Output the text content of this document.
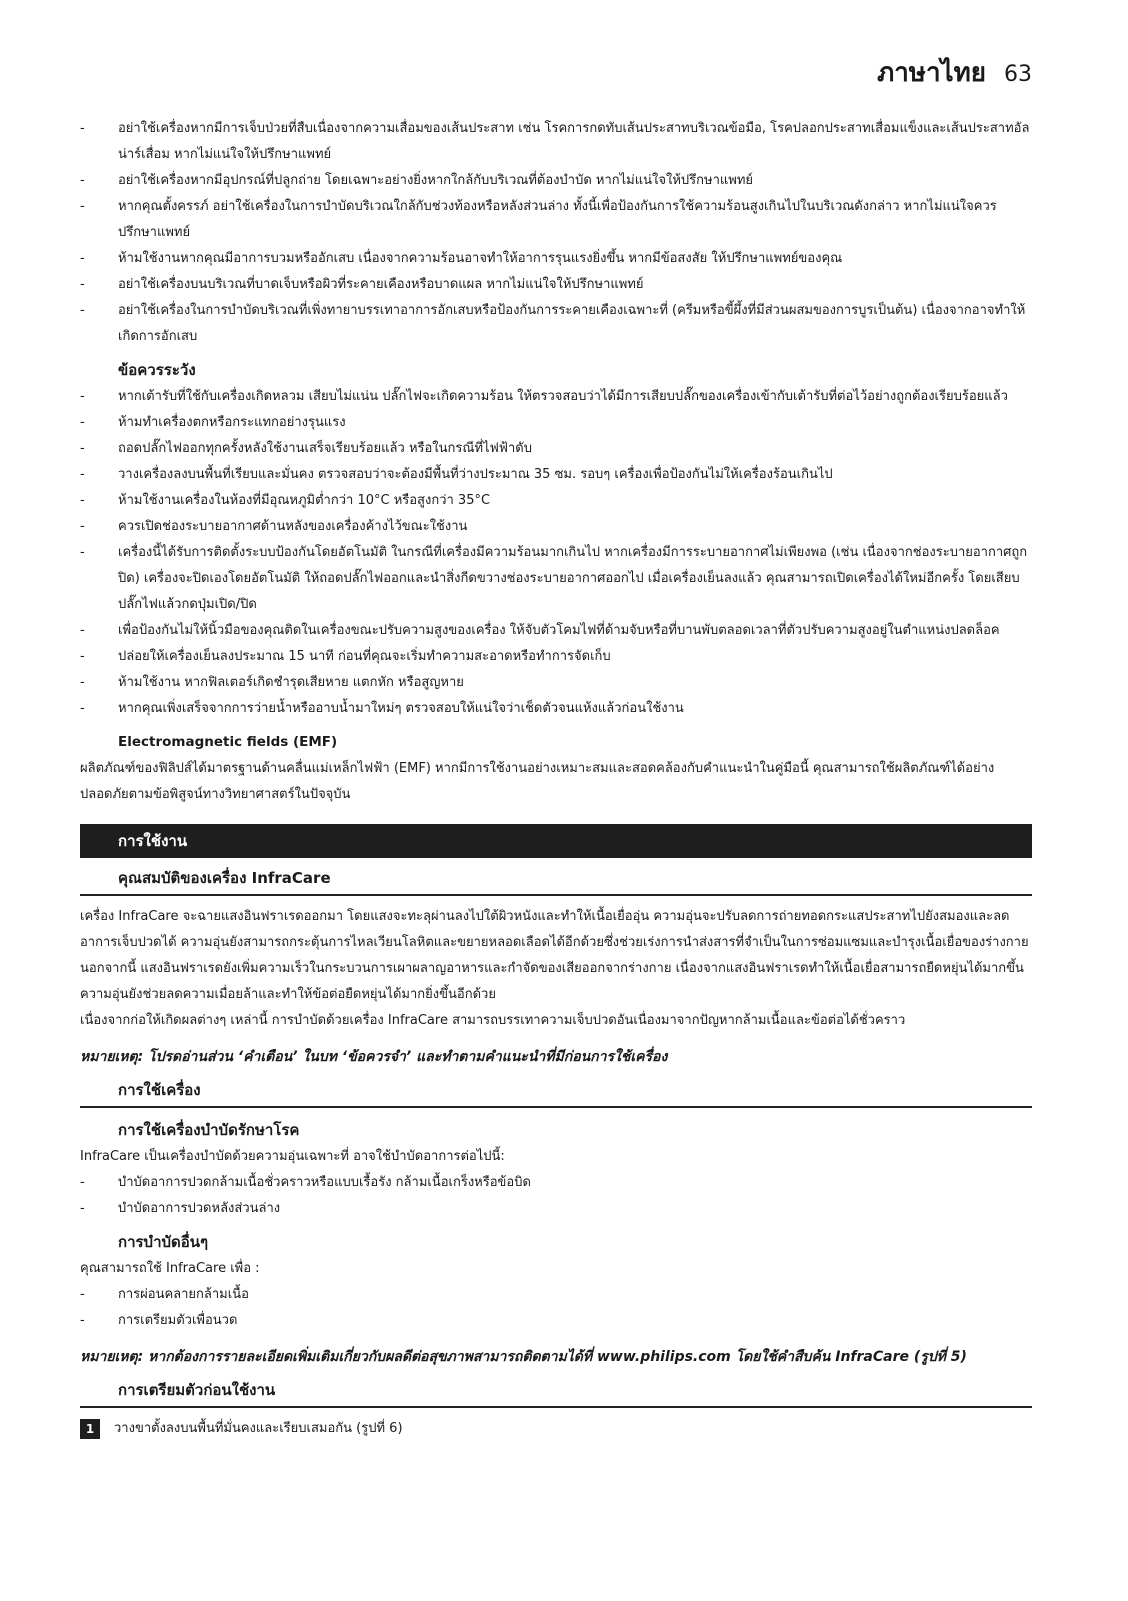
ภาษาไทย 63
- อย่าใช้เครื่องหากมีการเจ็บป่วยที่สืบเนื่องจากความเสื่อมของเส้นประสาท เช่น โรคการกดทับเส้นประสาทบริเวณข้อมือ, โรคปลอกประสาทเสื่อมแข็งและเส้นประสาทอัลน่าร์เสื่อม หากไม่แน่ใจให้ปรึกษาแพทย์
- อย่าใช้เครื่องหากมีอุปกรณ์ที่ปลูกถ่าย โดยเฉพาะอย่างยิ่งหากใกล้กับบริเวณที่ต้องบำบัด หากไม่แน่ใจให้ปรึกษาแพทย์
- หากคุณตั้งครรภ์ อย่าใช้เครื่องในการบำบัดบริเวณใกล้กับช่วงท้องหรือหลังส่วนล่าง ทั้งนี้เพื่อป้องกันการใช้ความร้อนสูงเกินไปในบริเวณดังกล่าว หากไม่แน่ใจควรปรึกษาแพทย์
- ห้ามใช้งานหากคุณมีอาการบวมหรืออักเสบ เนื่องจากความร้อนอาจทำให้อาการรุนแรงยิ่งขึ้น หากมีข้อสงสัย ให้ปรึกษาแพทย์ของคุณ
- อย่าใช้เครื่องบนบริเวณที่บาดเจ็บหรือผิวที่ระคายเคืองหรือบาดแผล หากไม่แน่ใจให้ปรึกษาแพทย์
- อย่าใช้เครื่องในการบำบัดบริเวณที่เพิ่งทายาบรรเทาอาการอักเสบหรือป้องกันการระคายเคืองเฉพาะที่ (ครีมหรือขี้ผึ้งที่มีส่วนผสมของการบูรเป็นต้น) เนื่องจากอาจทำให้เกิดการอักเสบ
ข้อควรระวัง
- หากเต้ารับที่ใช้กับเครื่องเกิดหลวม เสียบไม่แน่น ปลั๊กไฟจะเกิดความร้อน ให้ตรวจสอบว่าได้มีการเสียบปลั๊กของเครื่องเข้ากับเต้ารับที่ต่อไว้อย่างถูกต้องเรียบร้อยแล้ว
- ห้ามทำเครื่องตกหรือกระแทกอย่างรุนแรง
- ถอดปลั๊กไฟออกทุกครั้งหลังใช้งานเสร็จเรียบร้อยแล้ว หรือในกรณีที่ไฟฟ้าดับ
- วางเครื่องลงบนพื้นที่เรียบและมั่นคง ตรวจสอบว่าจะต้องมีพื้นที่ว่างประมาณ 35 ซม. รอบๆ เครื่องเพื่อป้องกันไม่ให้เครื่องร้อนเกินไป
- ห้ามใช้งานเครื่องในห้องที่มีอุณหภูมิต่ำกว่า 10°C หรือสูงกว่า 35°C
- ควรเปิดช่องระบายอากาศด้านหลังของเครื่องค้างไว้ขณะใช้งาน
- เครื่องนี้ได้รับการติดตั้งระบบป้องกันโดยอัตโนมัติ ในกรณีที่เครื่องมีความร้อนมากเกินไป หากเครื่องมีการระบายอากาศไม่เพียงพอ (เช่น เนื่องจากช่องระบายอากาศถูกปิด) เครื่องจะปิดเองโดยอัตโนมัติ ให้ถอดปลั๊กไฟออกและนำสิ่งกีดขวางช่องระบายอากาศออกไป เมื่อเครื่องเย็นลงแล้ว คุณสามารถเปิดเครื่องได้ใหม่อีกครั้ง โดยเสียบปลั๊กไฟแล้วกดปุ่มเปิด/ปิด
- เพื่อป้องกันไม่ให้นิ้วมือของคุณติดในเครื่องขณะปรับความสูงของเครื่อง ให้จับตัวโคมไฟที่ด้ามจับหรือที่บานพับตลอดเวลาที่ตัวปรับความสูงอยู่ในตำแหน่งปลดล็อค
- ปล่อยให้เครื่องเย็นลงประมาณ 15 นาที ก่อนที่คุณจะเริ่มทำความสะอาดหรือทำการจัดเก็บ
- ห้ามใช้งาน หากฟิลเตอร์เกิดชำรุดเสียหาย แตกหัก หรือสูญหาย
- หากคุณเพิ่งเสร็จจากการว่ายน้ำหรืออาบน้ำมาใหม่ๆ ตรวจสอบให้แน่ใจว่าเช็ดตัวจนแห้งแล้วก่อนใช้งาน
Electromagnetic fields (EMF)

ผลิตภัณฑ์ของฟิลิปส์ได้มาตรฐานด้านคลื่นแม่เหล็กไฟฟ้า (EMF) หากมีการใช้งานอย่างเหมาะสมและสอดคล้องกับคำแนะนำในคู่มือนี้ คุณสามารถใช้ผลิตภัณฑ์ได้อย่างปลอดภัยตามข้อพิสูจน์ทางวิทยาศาสตร์ในปัจจุบัน

การใช้งาน
คุณสมบัติของเครื่อง InfraCare

เครื่อง InfraCare จะฉายแสงอินฟราเรดออกมา โดยแสงจะทะลุผ่านลงไปใต้ผิวหนังและทำให้เนื้อเยื่ออุ่น ความอุ่นจะปรับลดการถ่ายทอดกระแสประสาทไปยังสมองและลดอาการเจ็บปวดได้ ความอุ่นยังสามารถกระตุ้นการไหลเวียนโลหิตและขยายหลอดเลือดได้อีกด้วยซึ่งช่วยเร่งการนำส่งสารที่จำเป็นในการซ่อมแซมและบำรุงเนื้อเยื่อของร่างกาย นอกจากนี้ แสงอินฟราเรดยังเพิ่มความเร็วในกระบวนการเผาผลาญอาหารและกำจัดของเสียออกจากร่างกาย เนื่องจากแสงอินฟราเรดทำให้เนื้อเยื่อสามารถยืดหยุ่นได้มากขึ้น ความอุ่นยังช่วยลดความเมื่อยล้าและทำให้ข้อต่อยืดหยุ่นได้มากยิ่งขึ้นอีกด้วย

เนื่องจากก่อให้เกิดผลต่างๆ เหล่านี้ การบำบัดด้วยเครื่อง InfraCare สามารถบรรเทาความเจ็บปวดอันเนื่องมาจากปัญหากล้ามเนื้อและข้อต่อได้ชั่วคราว

หมายเหตุ: โปรดอ่านส่วน ‘คำเตือน’ ในบท ‘ข้อควรจำ’ และทำตามคำแนะนำที่มีก่อนการใช้เครื่อง
การใช้เครื่อง
การใช้เครื่องบำบัดรักษาโรค

InfraCare เป็นเครื่องบำบัดด้วยความอุ่นเฉพาะที่ อาจใช้บำบัดอาการต่อไปนี้:

- บำบัดอาการปวดกล้ามเนื้อชั่วคราวหรือแบบเรื้อรัง กล้ามเนื้อเกร็งหรือข้อบิด
- บำบัดอาการปวดหลังส่วนล่าง
การบำบัดอื่นๆ

คุณสามารถใช้ InfraCare เพื่อ :

- การผ่อนคลายกล้ามเนื้อ
- การเตรียมตัวเพื่อนวด
หมายเหตุ: หากต้องการรายละเอียดเพิ่มเติมเกี่ยวกับผลดีต่อสุขภาพสามารถติดตามได้ที่ www.philips.com โดยใช้คำสืบค้น InfraCare (รูปที่ 5)
การเตรียมตัวก่อนใช้งาน
1	วางขาตั้งลงบนพื้นที่มั่นคงและเรียบเสมอกัน (รูปที่ 6)
